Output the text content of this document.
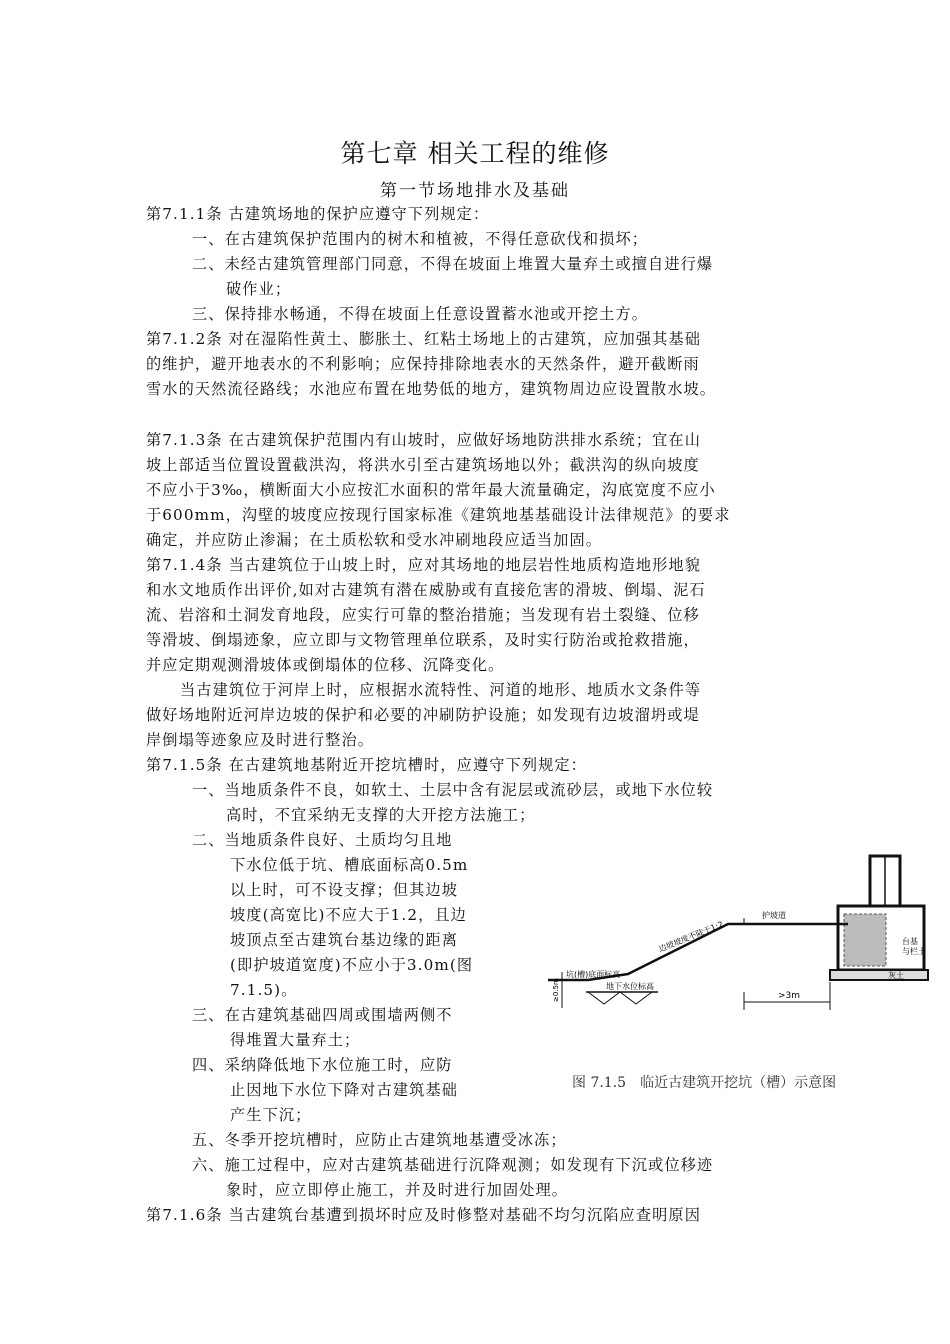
第七章 相关工程的维修
第一节场地排水及基础
第7.1.1条 古建筑场地的保护应遵守下列规定：
一、在古建筑保护范围内的树木和植被，不得任意砍伐和损坏；
二、未经古建筑管理部门同意，不得在坡面上堆置大量弃土或擅自进行爆
破作业；
三、保持排水畅通，不得在坡面上任意设置蓄水池或开挖土方。
第7.1.2条 对在湿陷性黄土、膨胀土、红粘土场地上的古建筑，应加强其基础
的维护，避开地表水的不利影响；应保持排除地表水的天然条件，避开截断雨
雪水的天然流径路线；水池应布置在地势低的地方，建筑物周边应设置散水坡。
第7.1.3条 在古建筑保护范围内有山坡时，应做好场地防洪排水系统；宜在山
坡上部适当位置设置截洪沟，将洪水引至古建筑场地以外；截洪沟的纵向坡度
不应小于3‰，横断面大小应按汇水面积的常年最大流量确定，沟底宽度不应小
于600mm，沟壁的坡度应按现行国家标准《建筑地基基础设计法律规范》的要求
确定，并应防止渗漏；在土质松软和受水冲刷地段应适当加固。
第7.1.4条 当古建筑位于山坡上时，应对其场地的地层岩性地质构造地形地貌
和水文地质作出评价,如对古建筑有潜在威胁或有直接危害的滑坡、倒塌、泥石
流、岩溶和土洞发育地段，应实行可靠的整治措施；当发现有岩土裂缝、位移
等滑坡、倒塌迹象，应立即与文物管理单位联系，及时实行防治或抢救措施，
并应定期观测滑坡体或倒塌体的位移、沉降变化。
当古建筑位于河岸上时，应根据水流特性、河道的地形、地质水文条件等
做好场地附近河岸边坡的保护和必要的冲刷防护设施；如发现有边坡溜坍或堤
岸倒塌等迹象应及时进行整治。
第7.1.5条 在古建筑地基附近开挖坑槽时，应遵守下列规定：
一、当地质条件不良，如软土、土层中含有泥层或流砂层，或地下水位较
高时，不宜采纳无支撑的大开挖方法施工；
二、当地质条件良好、土质均匀且地
下水位低于坑、槽底面标高0.5m
以上时，可不设支撑；但其边坡
坡度(高宽比)不应大于1.2，且边
坡顶点至古建筑台基边缘的距离
(即护坡道宽度)不应小于3.0m(图
7.1.5)。
三、在古建筑基础四周或围墙两侧不
得堆置大量弃土；
四、采纳降低地下水位施工时，应防
止因地下水位下降对古建筑基础
产生下沉；
五、冬季开挖坑槽时，应防止古建筑地基遭受冰冻；
六、施工过程中，应对古建筑基础进行沉降观测；如发现有下沉或位移迹
象时，应立即停止施工，并及时进行加固处理。
第7.1.6条 当古建筑台基遭到损坏时应及时修整对基础不均匀沉陷应查明原因
护坡道
边坡坡度不陡于1:2
坑(槽)底面标高
地下水位标高
≥0.5m	>3m
台基
与栏土
灰土
图 7.1.5　临近古建筑开挖坑（槽）示意图
